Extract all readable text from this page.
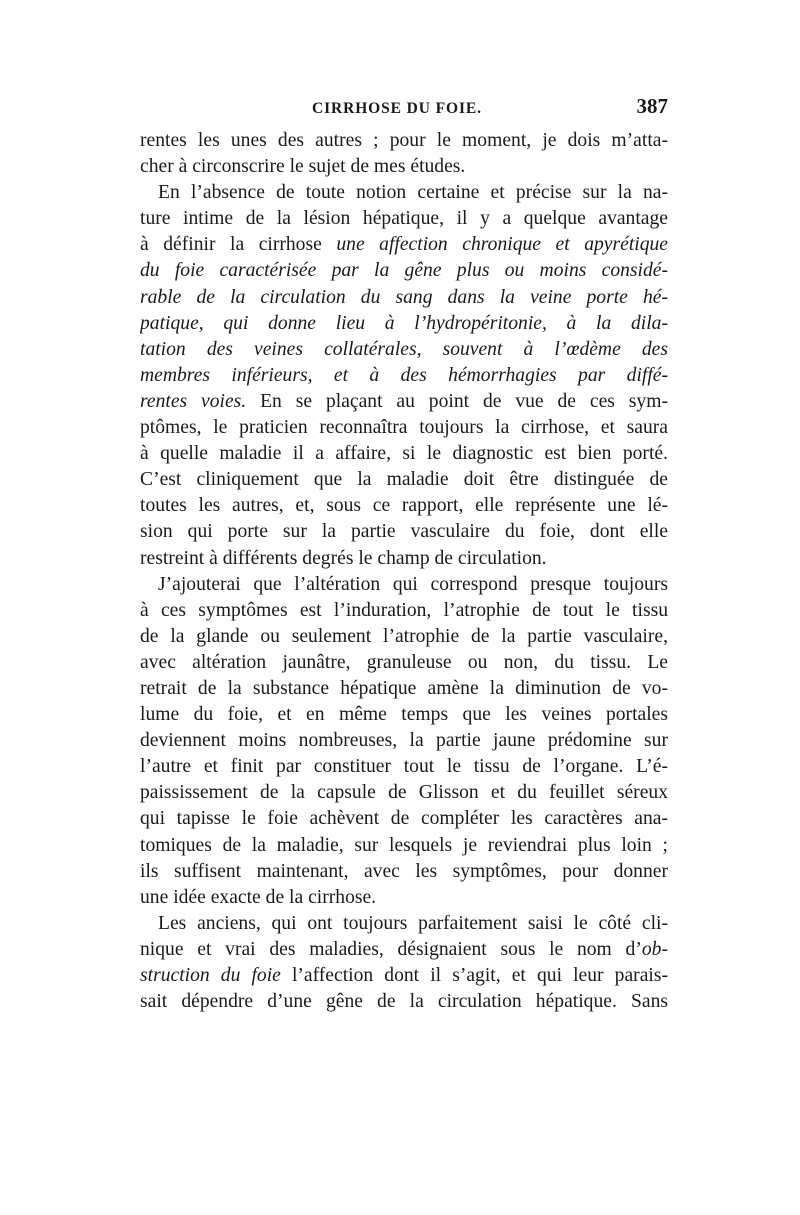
CIRRHOSE DU FOIE.	387
rentes les unes des autres ; pour le moment, je dois m’atta-
cher à circonscrire le sujet de mes études.
En l’absence de toute notion certaine et précise sur la na-
ture intime de la lésion hépatique, il y a quelque avantage
à définir la cirrhose une affection chronique et apyrétique
du foie caractérisée par la gêne plus ou moins considé-
rable de la circulation du sang dans la veine porte hé-
patique, qui donne lieu à l’hydropéritonie, à la dila-
tation des veines collatérales, souvent à l’œdème des
membres inférieurs, et à des hémorrhagies par diffé-
rentes voies. En se plaçant au point de vue de ces sym-
ptômes, le praticien reconnaîtra toujours la cirrhose, et saura
à quelle maladie il a affaire, si le diagnostic est bien porté.
C’est cliniquement que la maladie doit être distinguée de
toutes les autres, et, sous ce rapport, elle représente une lé-
sion qui porte sur la partie vasculaire du foie, dont elle
restreint à différents degrés le champ de circulation.
J’ajouterai que l’altération qui correspond presque toujours
à ces symptômes est l’induration, l’atrophie de tout le tissu
de la glande ou seulement l’atrophie de la partie vasculaire,
avec altération jaunâtre, granuleuse ou non, du tissu. Le
retrait de la substance hépatique amène la diminution de vo-
lume du foie, et en même temps que les veines portales
deviennent moins nombreuses, la partie jaune prédomine sur
l’autre et finit par constituer tout le tissu de l’organe. L’é-
paississement de la capsule de Glisson et du feuillet séreux
qui tapisse le foie achèvent de compléter les caractères ana-
tomiques de la maladie, sur lesquels je reviendrai plus loin ;
ils suffisent maintenant, avec les symptômes, pour donner
une idée exacte de la cirrhose.
Les anciens, qui ont toujours parfaitement saisi le côté cli-
nique et vrai des maladies, désignaient sous le nom d’ob-
struction du foie l’affection dont il s’agit, et qui leur parais-
sait dépendre d’une gêne de la circulation hépatique. Sans
